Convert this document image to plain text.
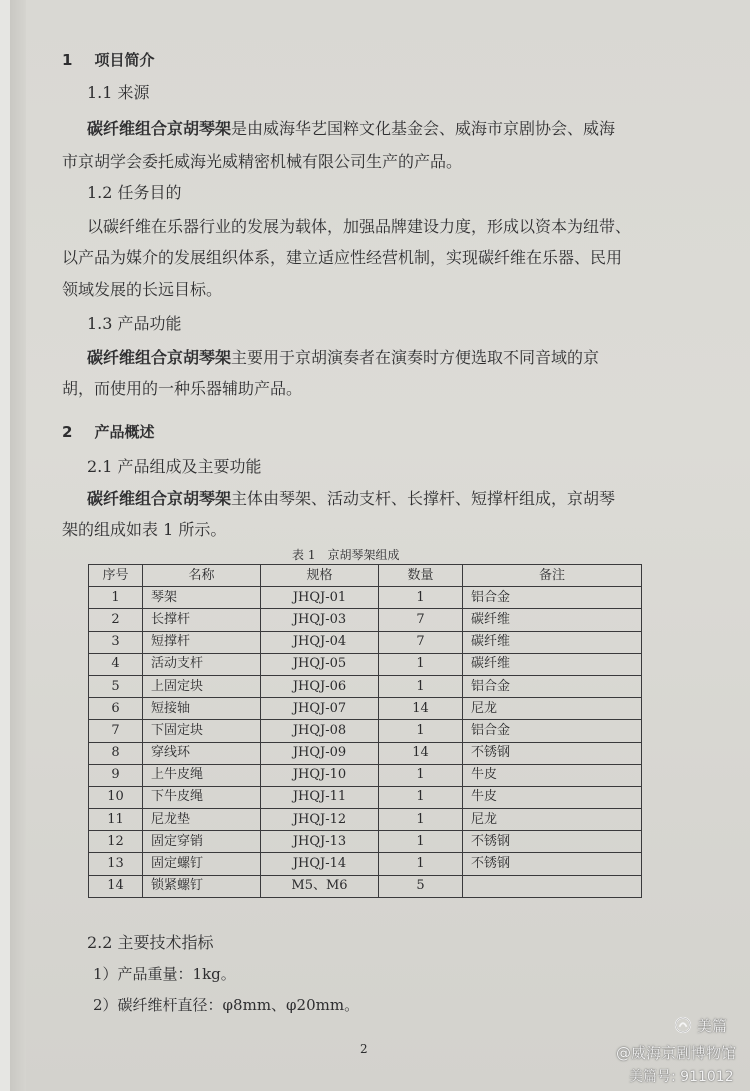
1 项目简介
1.1 来源
碳纤维组合京胡琴架是由威海华艺国粹文化基金会、威海市京剧协会、威海
市京胡学会委托威海光威精密机械有限公司生产的产品。
1.2 任务目的
以碳纤维在乐器行业的发展为载体，加强品牌建设力度，形成以资本为纽带、
以产品为媒介的发展组织体系，建立适应性经营机制，实现碳纤维在乐器、民用
领域发展的长远目标。
1.3 产品功能
碳纤维组合京胡琴架主要用于京胡演奏者在演奏时方便选取不同音域的京
胡，而使用的一种乐器辅助产品。
2 产品概述
2.1 产品组成及主要功能
碳纤维组合京胡琴架主体由琴架、活动支杆、长撑杆、短撑杆组成，京胡琴
架的组成如表 1 所示。
表 1　京胡琴架组成
序号	名称	规格	数量	备注
1	琴架	JHQJ-01	1	铝合金
2	长撑杆	JHQJ-03	7	碳纤维
3	短撑杆	JHQJ-04	7	碳纤维
4	活动支杆	JHQJ-05	1	碳纤维
5	上固定块	JHQJ-06	1	铝合金
6	短接轴	JHQJ-07	14	尼龙
7	下固定块	JHQJ-08	1	铝合金
8	穿线环	JHQJ-09	14	不锈钢
9	上牛皮绳	JHQJ-10	1	牛皮
10	下牛皮绳	JHQJ-11	1	牛皮
11	尼龙垫	JHQJ-12	1	尼龙
12	固定穿销	JHQJ-13	1	不锈钢
13	固定螺钉	JHQJ-14	1	不锈钢
14	锁紧螺钉	M5、M6	5	
2.2 主要技术指标
1）产品重量：1kg。
2）碳纤维杆直径：φ8mm、φ20mm。
2
美篇
@威海京剧博物馆
美篇号: 911012
